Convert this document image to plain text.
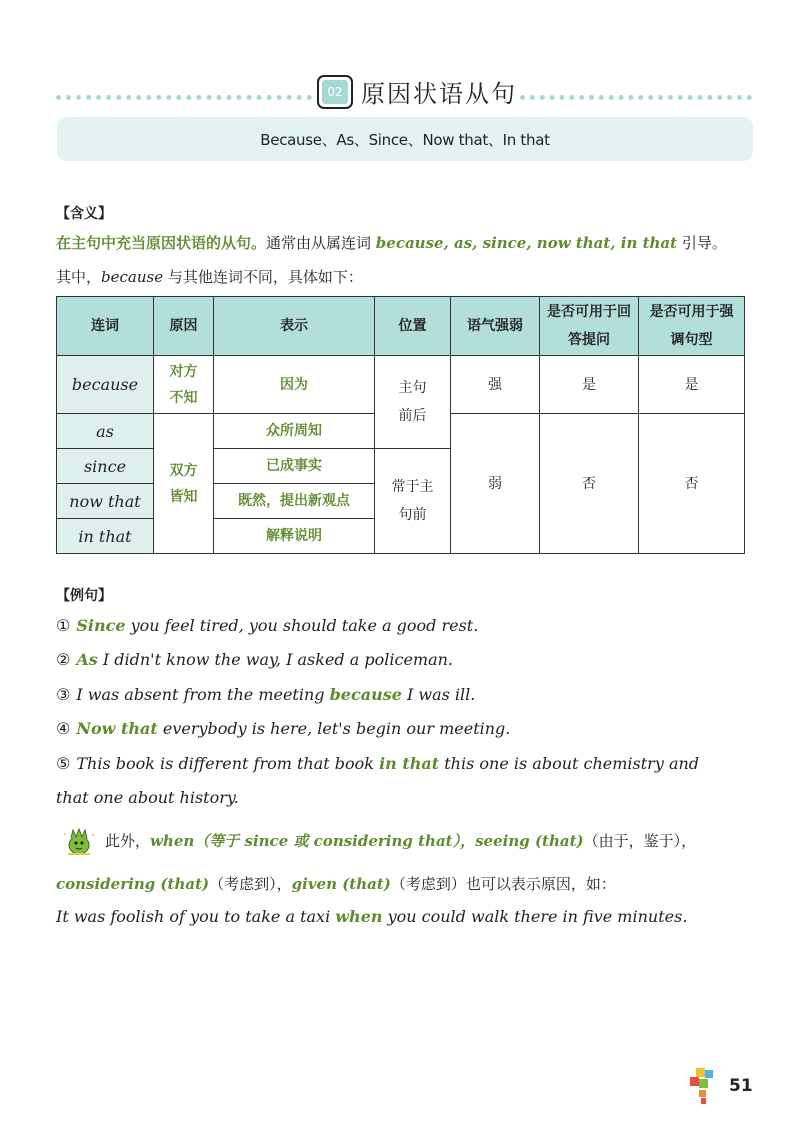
02 原因状语从句
Because、As、Since、Now that、In that
【含义】
在主句中充当原因状语的从句。通常由从属连词 because, as, since, now that, in that 引导。
其中，because 与其他连词不同，具体如下：
连词	原因	表示	位置	语气强弱	是否可用于回答提问	是否可用于强调句型
because	对方不知	因为	主句前后	强	是	是
as	双方皆知	众所周知		弱	否	否
since		已成事实	常于主句前			
now that		既然，提出新观点				
in that		解释说明				
【例句】
① Since you feel tired, you should take a good rest.
② As I didn't know the way, I asked a policeman.
③ I was absent from the meeting because I was ill.
④ Now that everybody is here, let's begin our meeting.
⑤ This book is different from that book in that this one is about chemistry and
that one about history.
此外，when（等于 since 或 considering that），seeing (that)（由于，鉴于），
considering (that)（考虑到），given (that)（考虑到）也可以表示原因，如：
It was foolish of you to take a taxi when you could walk there in five minutes.
51
